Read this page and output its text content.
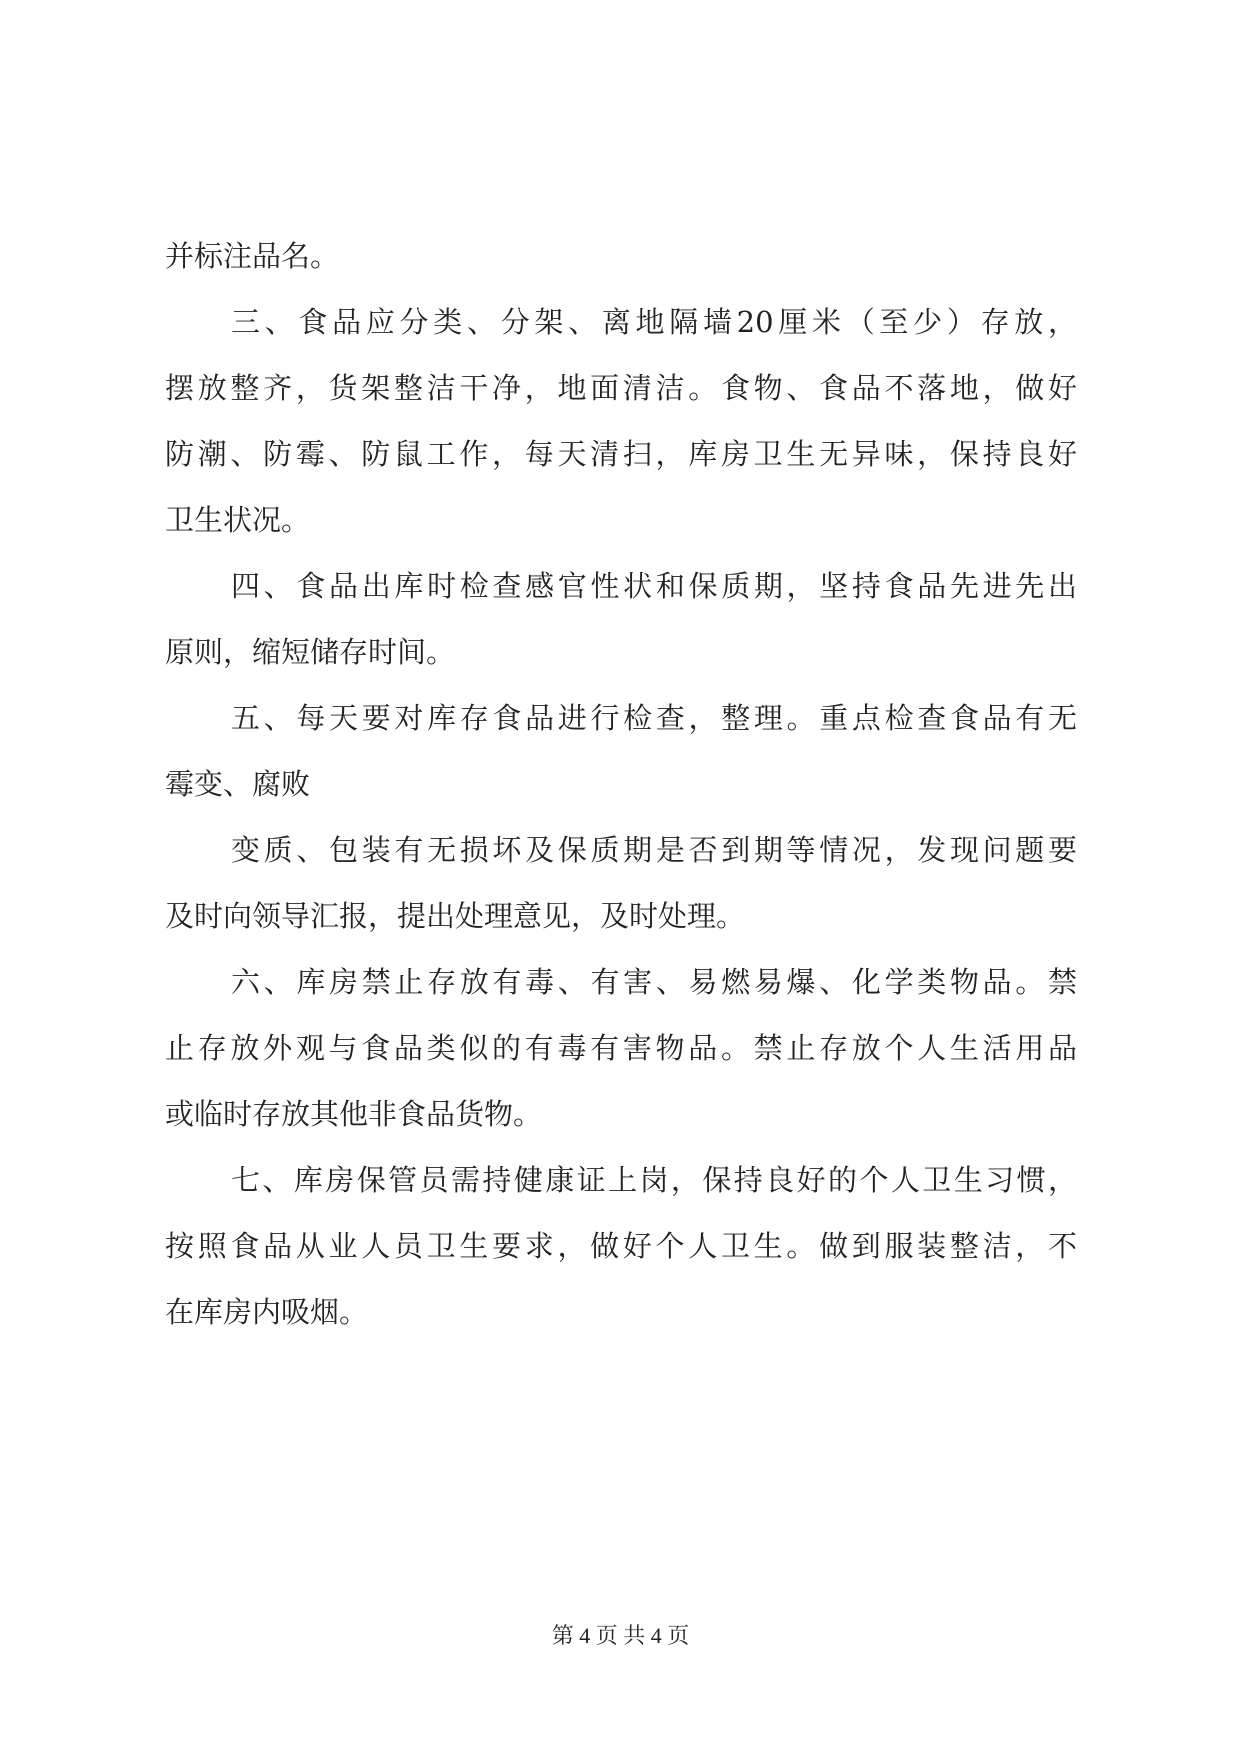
并标注品名。

三、食品应分类、分架、离地隔墙20厘米（至少）存放，

摆放整齐，货架整洁干净，地面清洁。食物、食品不落地，做好

防潮、防霉、防鼠工作，每天清扫，库房卫生无异味，保持良好

卫生状况。

四、食品出库时检查感官性状和保质期，坚持食品先进先出

原则，缩短储存时间。

五、每天要对库存食品进行检查，整理。重点检查食品有无

霉变、腐败

变质、包装有无损坏及保质期是否到期等情况，发现问题要

及时向领导汇报，提出处理意见，及时处理。

六、库房禁止存放有毒、有害、易燃易爆、化学类物品。禁

止存放外观与食品类似的有毒有害物品。禁止存放个人生活用品

或临时存放其他非食品货物。

七、库房保管员需持健康证上岗，保持良好的个人卫生习惯，

按照食品从业人员卫生要求，做好个人卫生。做到服装整洁，不

在库房内吸烟。

第 4 页 共 4 页
